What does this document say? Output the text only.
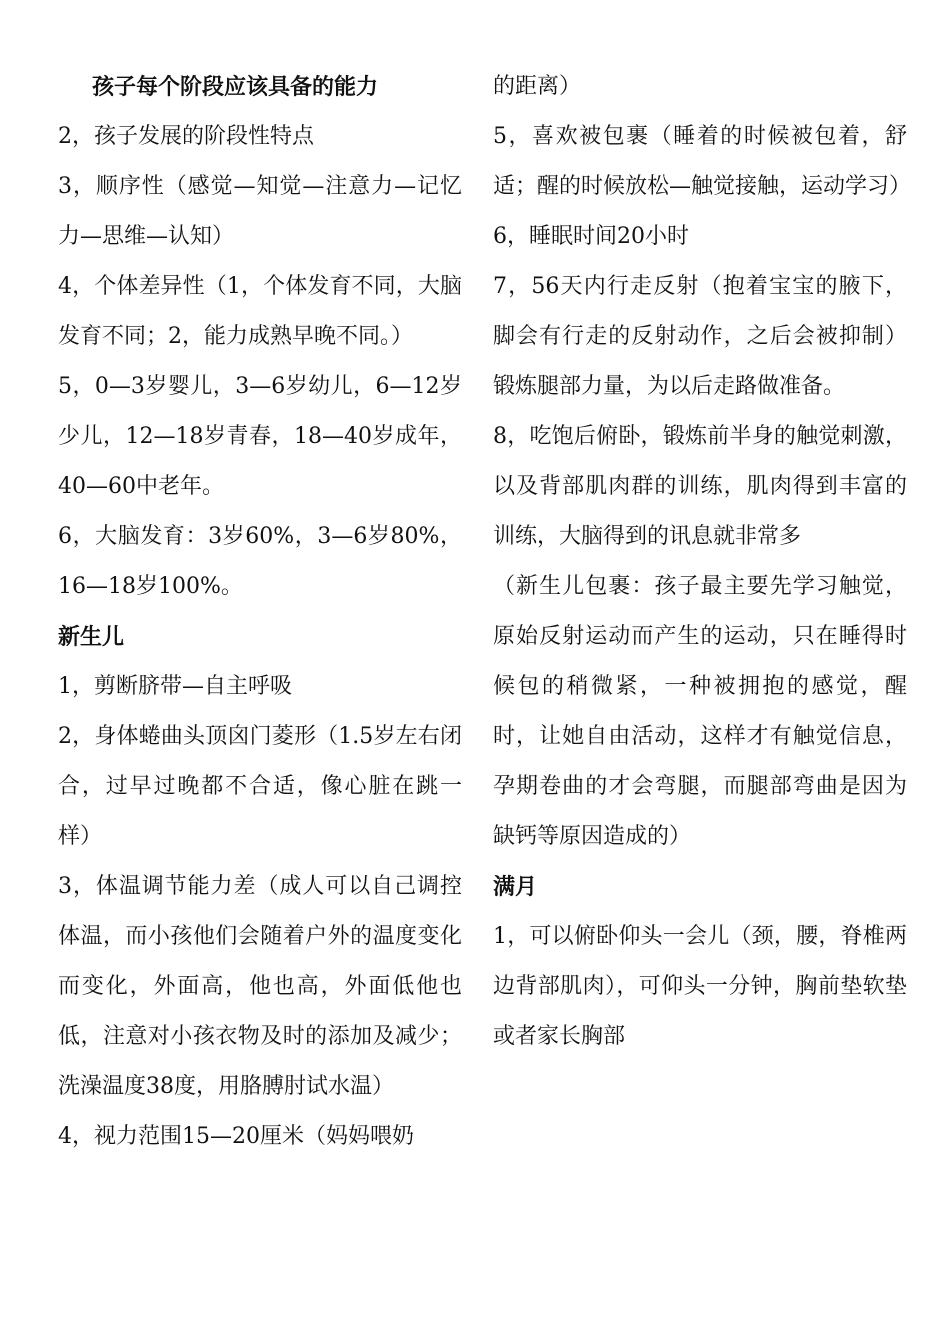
孩子每个阶段应该具备的能力
2，孩子发展的阶段性特点
3，顺序性（感觉—知觉—注意力—记忆力—思维—认知）
4，个体差异性（1，个体发育不同，大脑发育不同；2，能力成熟早晚不同。）
5，0—3岁婴儿，3—6岁幼儿，6—12岁少儿，12—18岁青春，18—40岁成年，40—60中老年。
6，大脑发育：3岁60%，3—6岁80%，16—18岁100%。
新生儿
1，剪断脐带—自主呼吸
2，身体蜷曲头顶囟门菱形（1.5岁左右闭合，过早过晚都不合适，像心脏在跳一样）
3，体温调节能力差（成人可以自己调控体温，而小孩他们会随着户外的温度变化而变化，外面高，他也高，外面低他也低，注意对小孩衣物及时的添加及减少；洗澡温度38度，用胳膊肘试水温）
4，视力范围15—20厘米（妈妈喂奶
的距离）
5，喜欢被包裹（睡着的时候被包着，舒适；醒的时候放松—触觉接触，运动学习）
6，睡眠时间20小时
7，56天内行走反射（抱着宝宝的腋下，脚会有行走的反射动作，之后会被抑制）锻炼腿部力量，为以后走路做准备。
8，吃饱后俯卧，锻炼前半身的触觉刺激，以及背部肌肉群的训练，肌肉得到丰富的训练，大脑得到的讯息就非常多
（新生儿包裹：孩子最主要先学习触觉，原始反射运动而产生的运动，只在睡得时候包的稍微紧，一种被拥抱的感觉，醒时，让她自由活动，这样才有触觉信息，孕期卷曲的才会弯腿，而腿部弯曲是因为缺钙等原因造成的）
满月
1，可以俯卧仰头一会儿（颈，腰，脊椎两边背部肌肉），可仰头一分钟，胸前垫软垫或者家长胸部
